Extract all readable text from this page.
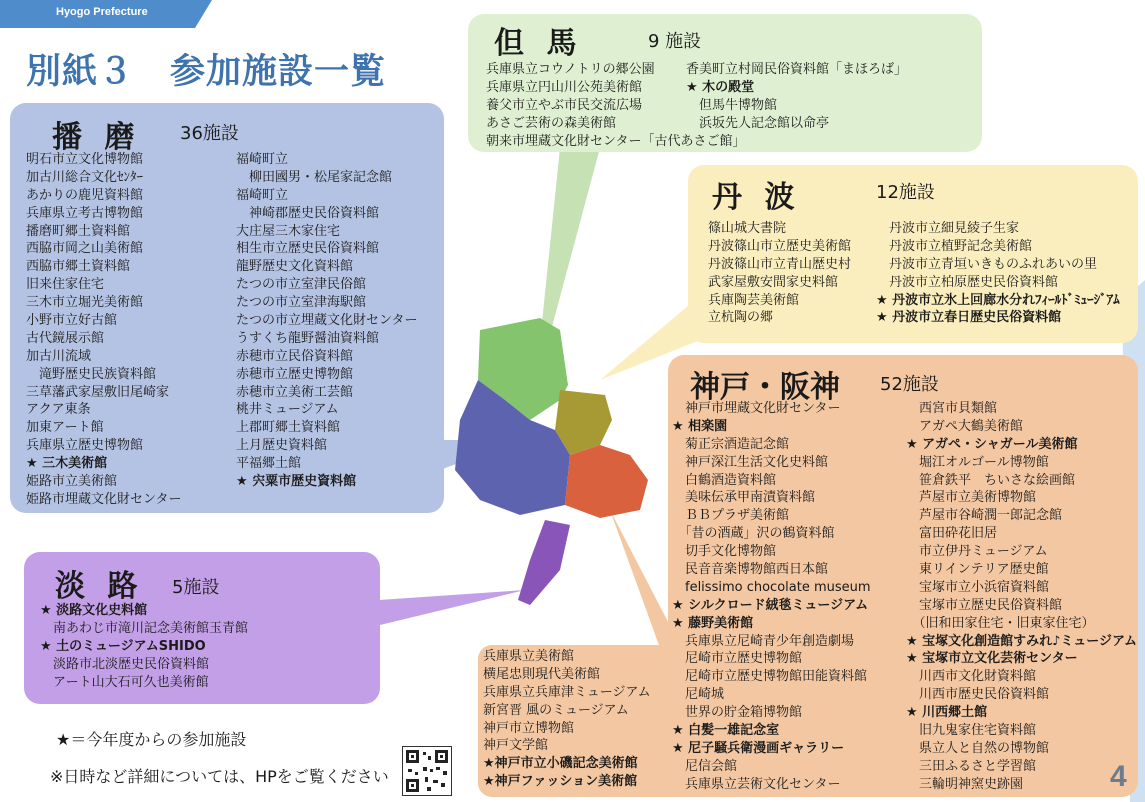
Hyogo Prefecture
別紙３　参加施設一覧
播 磨 36施設
明石市立文化博物館
加古川総合文化ｾﾝﾀｰ
あかりの鹿児資料館
兵庫県立考古博物館
播磨町郷土資料館
西脇市岡之山美術館
西脇市郷土資料館
旧来住家住宅
三木市立堀光美術館
小野市立好古館
古代鏡展示館
加古川流域
　滝野歴史民族資料館
三草藩武家屋敷旧尾崎家
アクア東条
加東アート館
兵庫県立歴史博物館
★ 三木美術館
姫路市立美術館
姫路市埋蔵文化財センター
福崎町立
　柳田國男・松尾家記念館
福崎町立
　神崎郡歴史民俗資料館
大庄屋三木家住宅
相生市立歴史民俗資料館
龍野歴史文化資料館
たつの市立室津民俗館
たつの市立室津海駅館
たつの市立埋蔵文化財センター
うすくち龍野醤油資料館
赤穂市立民俗資料館
赤穂市立歴史博物館
赤穂市立美術工芸館
桃井ミュージアム
上郡町郷土資料館
上月歴史資料館
平福郷土館
★ 宍粟市歴史資料館
但 馬	9 施設
兵庫県立コウノトリの郷公園
兵庫県立円山川公苑美術館
養父市立やぶ市民交流広場
あさご芸術の森美術館
朝来市埋蔵文化財センター「古代あさご館」
香美町立村岡民俗資料館「まほろば」
★ 木の殿堂
　但馬牛博物館
　浜坂先人記念館以命亭
丹 波	12施設
篠山城大書院
丹波篠山市立歴史美術館
丹波篠山市立青山歴史村
武家屋敷安間家史料館
兵庫陶芸美術館
立杭陶の郷
　丹波市立細見綾子生家
　丹波市立植野記念美術館
　丹波市立青垣いきものふれあいの里
　丹波市立柏原歴史民俗資料館
★ 丹波市立氷上回廊水分れﾌｨｰﾙﾄﾞﾐｭｰｼﾞｱﾑ
★ 丹波市立春日歴史民俗資料館
神戸・阪神 52施設
　神戸市埋蔵文化財センター
★ 相楽園
　菊正宗酒造記念館
　神戸深江生活文化史料館
　白鶴酒造資料館
　美味伝承甲南漬資料館
　ＢＢプラザ美術館
　「昔の酒蔵」沢の鶴資料館
　切手文化博物館
　民音音楽博物館西日本館
　felissimo chocolate museum
★ シルクロード絨毯ミュージアム
★ 藤野美術館
　兵庫県立尼崎青少年創造劇場
　尼崎市立歴史博物館
　尼崎市立歴史博物館田能資料館
　尼崎城
　世界の貯金箱博物館
★ 白髪一雄記念室
★ 尼子騒兵衛漫画ギャラリー
　尼信会館
　兵庫県立芸術文化センター
　西宮市貝類館
　アガペ大鶴美術館
★ アガペ・シャガール美術館
　堀江オルゴール博物館
　笹倉鉄平　ちいさな絵画館
　芦屋市立美術博物館
　芦屋市谷崎潤一郎記念館
　富田砕花旧居
　市立伊丹ミュージアム
　東リインテリア歴史館
　宝塚市立小浜宿資料館
　宝塚市立歴史民俗資料館
　（旧和田家住宅・旧東家住宅）
★ 宝塚文化創造館すみれ♪ミュージアム
★ 宝塚市立文化芸術センター
　川西市文化財資料館
　川西市歴史民俗資料館
★ 川西郷土館
　旧九鬼家住宅資料館
　県立人と自然の博物館
　三田ふるさと学習館
　三輪明神窯史跡園
兵庫県立美術館
横尾忠則現代美術館
兵庫県立兵庫津ミュージアム
新宮晋 風のミュージアム
神戸市立博物館
神戸文学館
★神戸市立小磯記念美術館
★神戸ファッション美術館
淡 路 5施設
★ 淡路文化史料館
　南あわじ市滝川記念美術館玉青館
★ 土のミュージアムSHIDO
　淡路市北淡歴史民俗資料館
　アート山大石可久也美術館
★＝今年度からの参加施設
※日時など詳細については、HPをご覧ください	4
